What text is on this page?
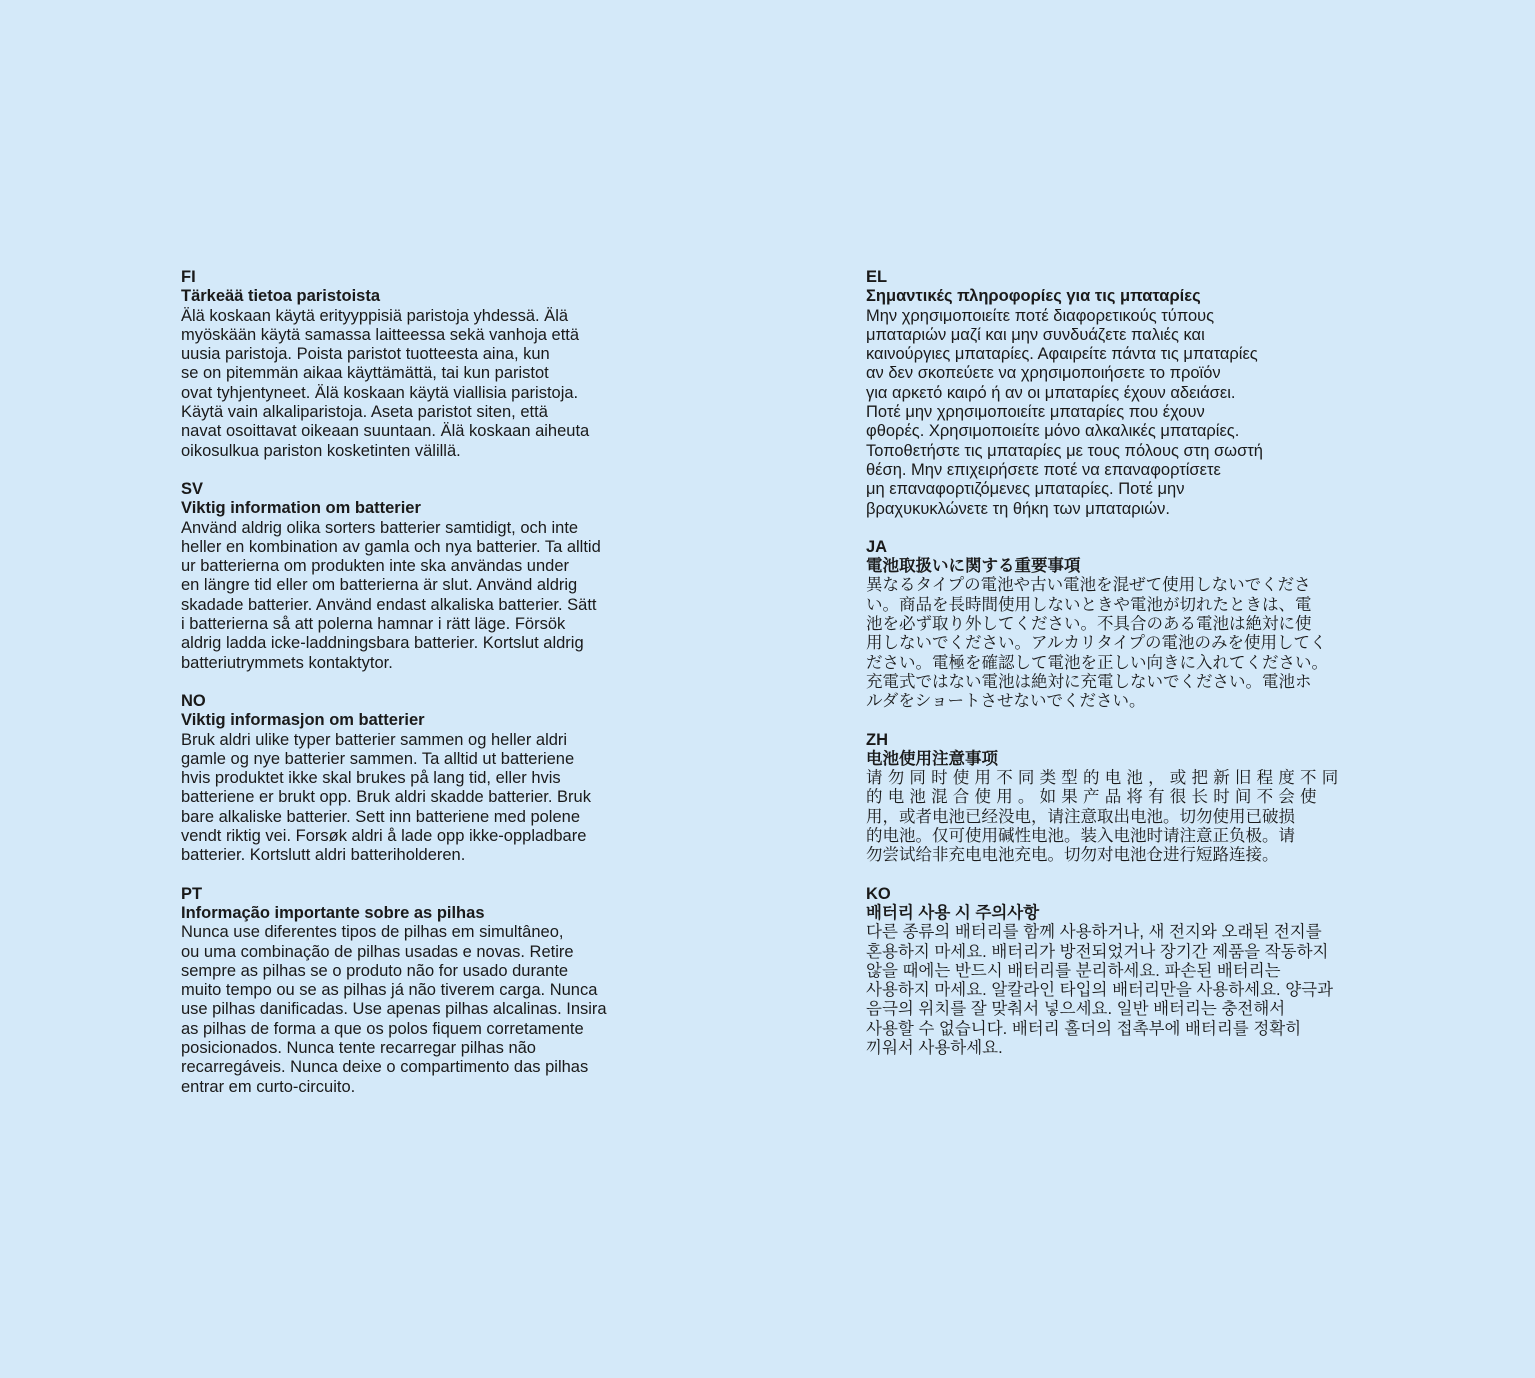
FI
Tärkeää tietoa paristoista
Älä koskaan käytä erityyppisiä paristoja yhdessä. Älä
myöskään käytä samassa laitteessa sekä vanhoja että
uusia paristoja. Poista paristot tuotteesta aina, kun
se on pitemmän aikaa käyttämättä, tai kun paristot
ovat tyhjentyneet. Älä koskaan käytä viallisia paristoja.
Käytä vain alkaliparistoja. Aseta paristot siten, että
navat osoittavat oikeaan suuntaan. Älä koskaan aiheuta
oikosulkua pariston kosketinten välillä.
SV
Viktig information om batterier
Använd aldrig olika sorters batterier samtidigt, och inte
heller en kombination av gamla och nya batterier. Ta alltid
ur batterierna om produkten inte ska användas under
en längre tid eller om batterierna är slut. Använd aldrig
skadade batterier. Använd endast alkaliska batterier. Sätt
i batterierna så att polerna hamnar i rätt läge. Försök
aldrig ladda icke-laddningsbara batterier. Kortslut aldrig
batteriutrymmets kontaktytor.
NO
Viktig informasjon om batterier
Bruk aldri ulike typer batterier sammen og heller aldri
gamle og nye batterier sammen. Ta alltid ut batteriene
hvis produktet ikke skal brukes på lang tid, eller hvis
batteriene er brukt opp. Bruk aldri skadde batterier. Bruk
bare alkaliske batterier. Sett inn batteriene med polene
vendt riktig vei. Forsøk aldri å lade opp ikke-oppladbare
batterier. Kortslutt aldri batteriholderen.
PT
Informação importante sobre as pilhas
Nunca use diferentes tipos de pilhas em simultâneo,
ou uma combinação de pilhas usadas e novas. Retire
sempre as pilhas se o produto não for usado durante
muito tempo ou se as pilhas já não tiverem carga. Nunca
use pilhas danificadas. Use apenas pilhas alcalinas. Insira
as pilhas de forma a que os polos fiquem corretamente
posicionados. Nunca tente recarregar pilhas não
recarregáveis. Nunca deixe o compartimento das pilhas
entrar em curto-circuito.
EL
Σημαντικές πληροφορίες για τις μπαταρίες
Μην χρησιμοποιείτε ποτέ διαφορετικούς τύπους
μπαταριών μαζί και μην συνδυάζετε παλιές και
καινούργιες μπαταρίες. Αφαιρείτε πάντα τις μπαταρίες
αν δεν σκοπεύετε να χρησιμοποιήσετε το προϊόν
για αρκετό καιρό ή αν οι μπαταρίες έχουν αδειάσει.
Ποτέ μην χρησιμοποιείτε μπαταρίες που έχουν
φθορές. Χρησιμοποιείτε μόνο αλκαλικές μπαταρίες.
Τοποθετήστε τις μπαταρίες με τους πόλους στη σωστή
θέση. Μην επιχειρήσετε ποτέ να επαναφορτίσετε
μη επαναφορτιζόμενες μπαταρίες. Ποτέ μην
βραχυκυκλώνετε τη θήκη των μπαταριών.
JA
電池取扱いに関する重要事項
異なるタイプの電池や古い電池を混ぜて使用しないでくださ
い。商品を長時間使用しないときや電池が切れたときは、電
池を必ず取り外してください。不具合のある電池は絶対に使
用しないでください。アルカリタイプの電池のみを使用してく
ださい。電極を確認して電池を正しい向きに入れてください。
充電式ではない電池は絶対に充電しないでください。電池ホ
ルダをショートさせないでください。
ZH
电池使用注意事项
请勿同时使用不同类型的电池，或把新旧程度不同
的电池混合使用。如果产品将有很长时间不会使
用，或者电池已经没电，请注意取出电池。切勿使用已破损
的电池。仅可使用碱性电池。装入电池时请注意正负极。请
勿尝试给非充电电池充电。切勿对电池仓进行短路连接。
KO
배터리 사용 시 주의사항
다른 종류의 배터리를 함께 사용하거나, 새 전지와 오래된 전지를
혼용하지 마세요. 배터리가 방전되었거나 장기간 제품을 작동하지
않을 때에는 반드시 배터리를 분리하세요. 파손된 배터리는
사용하지 마세요. 알칼라인 타입의 배터리만을 사용하세요. 양극과
음극의 위치를 잘 맞춰서 넣으세요. 일반 배터리는 충전해서
사용할 수 없습니다. 배터리 홀더의 접촉부에 배터리를 정확히
끼워서 사용하세요.
